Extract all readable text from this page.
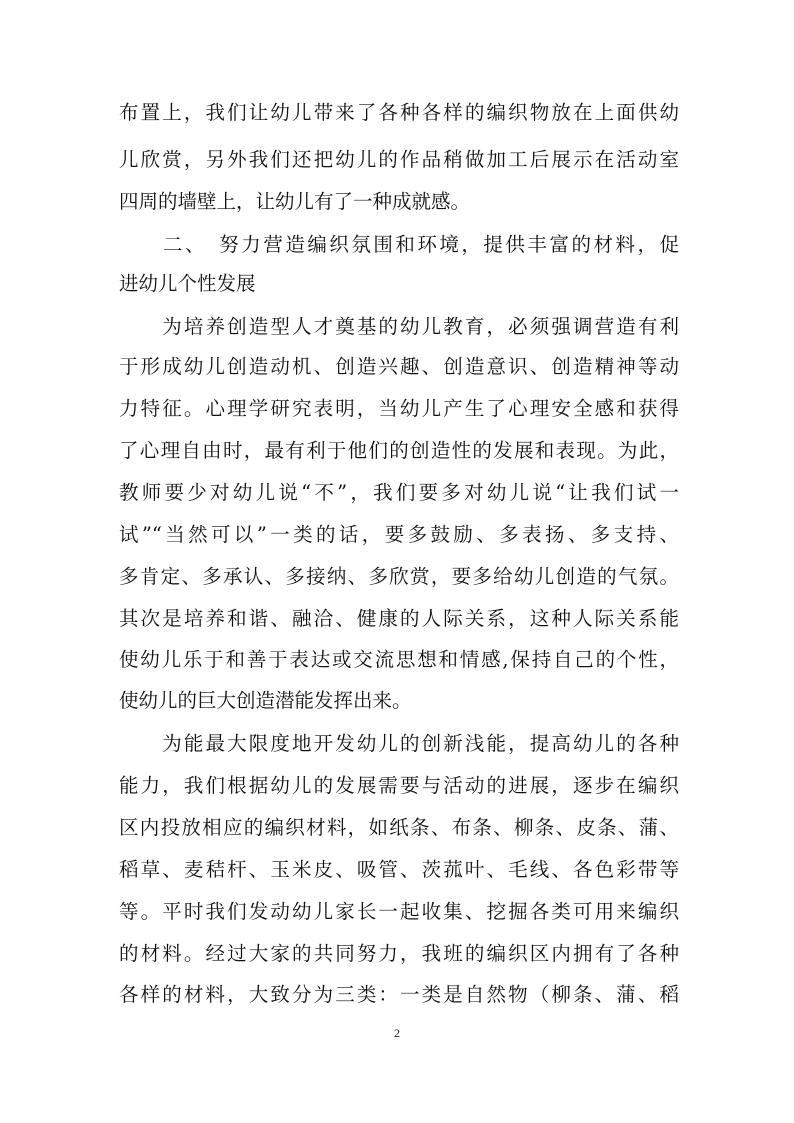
布置上，我们让幼儿带来了各种各样的编织物放在上面供幼
儿欣赏，另外我们还把幼儿的作品稍做加工后展示在活动室
四周的墙壁上，让幼儿有了一种成就感。
　　二、　努力营造编织氛围和环境，提供丰富的材料，促
进幼儿个性发展
　　为培养创造型人才奠基的幼儿教育，必须强调营造有利
于形成幼儿创造动机、创造兴趣、创造意识、创造精神等动
力特征。心理学研究表明，当幼儿产生了心理安全感和获得
了心理自由时，最有利于他们的创造性的发展和表现。为此，
教师要少对幼儿说“不”，我们要多对幼儿说“让我们试一
试”“当然可以”一类的话，要多鼓励、多表扬、多支持、
多肯定、多承认、多接纳、多欣赏，要多给幼儿创造的气氛。
其次是培养和谐、融洽、健康的人际关系，这种人际关系能
使幼儿乐于和善于表达或交流思想和情感,保持自己的个性，
使幼儿的巨大创造潜能发挥出来。
　　为能最大限度地开发幼儿的创新浅能，提高幼儿的各种
能力，我们根据幼儿的发展需要与活动的进展，逐步在编织
区内投放相应的编织材料，如纸条、布条、柳条、皮条、蒲、
稻草、麦秸杆、玉米皮、吸管、茨菰叶、毛线、各色彩带等
等。平时我们发动幼儿家长一起收集、挖掘各类可用来编织
的材料。经过大家的共同努力，我班的编织区内拥有了各种
各样的材料，大致分为三类：一类是自然物（柳条、蒲、稻
2
